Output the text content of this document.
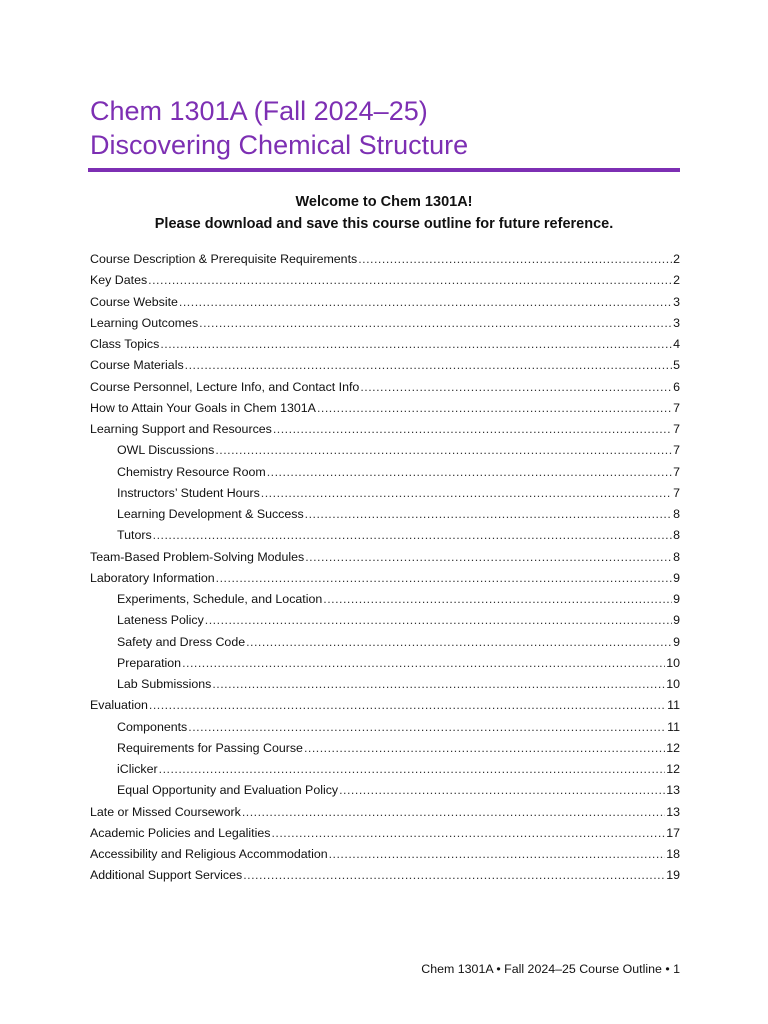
Chem 1301A (Fall 2024–25)
Discovering Chemical Structure
Welcome to Chem 1301A!
Please download and save this course outline for future reference.
Course Description & Prerequisite Requirements .....	2
Key Dates .....	2
Course Website .....	3
Learning Outcomes .....	3
Class Topics .....	4
Course Materials .....	5
Course Personnel, Lecture Info, and Contact Info .....	6
How to Attain Your Goals in Chem 1301A .....	7
Learning Support and Resources .....	7
OWL Discussions .....	7
Chemistry Resource Room .....	7
Instructors’ Student Hours .....	7
Learning Development & Success .....	8
Tutors .....	8
Team-Based Problem-Solving Modules .....	8
Laboratory Information .....	9
Experiments, Schedule, and Location .....	9
Lateness Policy .....	9
Safety and Dress Code .....	9
Preparation .....	10
Lab Submissions .....	10
Evaluation .....	11
Components .....	11
Requirements for Passing Course .....	12
iClicker .....	12
Equal Opportunity and Evaluation Policy .....	13
Late or Missed Coursework .....	13
Academic Policies and Legalities .....	17
Accessibility and Religious Accommodation .....	18
Additional Support Services .....	19
Chem 1301A • Fall 2024–25 Course Outline • 1
